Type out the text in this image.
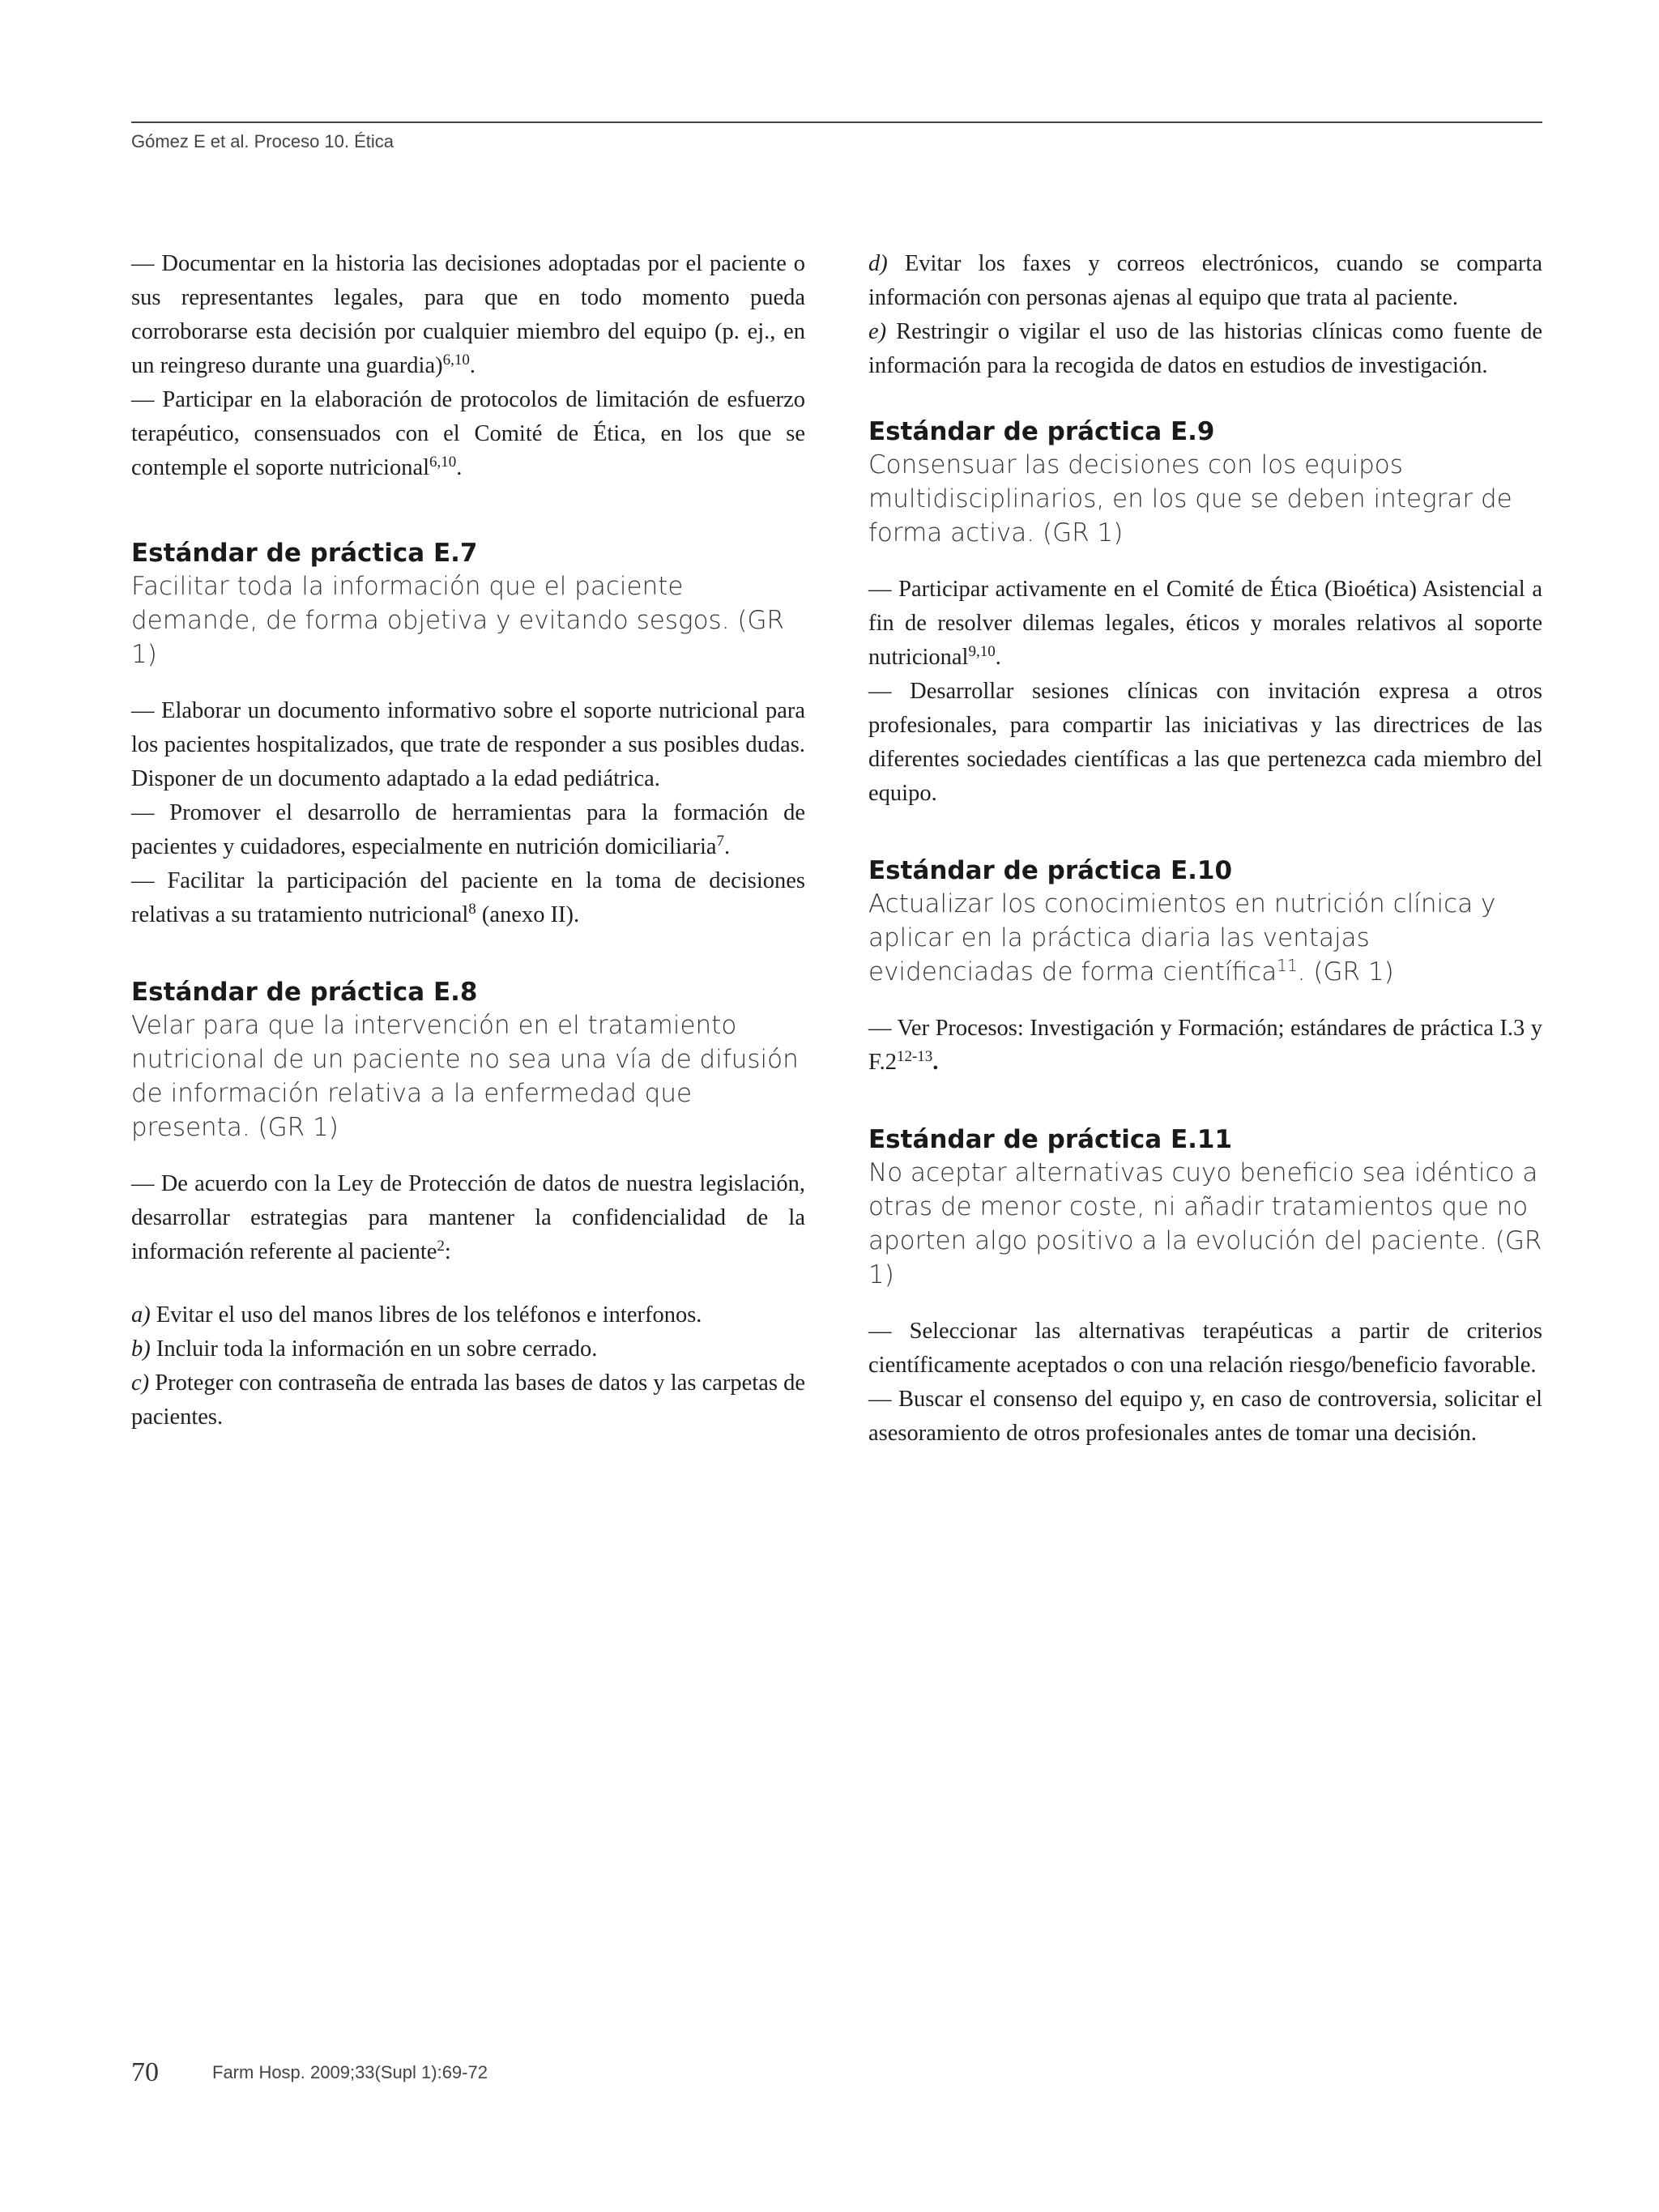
Gómez E et al. Proceso 10. Ética

— Documentar en la historia las decisiones adoptadas por el paciente o sus representantes legales, para que en todo momento pueda corroborarse esta decisión por cualquier miembro del equipo (p. ej., en un reingreso durante una guardia)$^{6,10}$.

— Participar en la elaboración de protocolos de limitación de esfuerzo terapéutico, consensuados con el Comité de Ética, en los que se contemple el soporte nutricional$^{6,10}$.

Estándar de práctica E.7
Facilitar toda la información que el paciente demande, de forma objetiva y evitando sesgos. (GR 1)

— Elaborar un documento informativo sobre el soporte nutricional para los pacientes hospitalizados, que trate de responder a sus posibles dudas. Disponer de un documento adaptado a la edad pediátrica.

— Promover el desarrollo de herramientas para la formación de pacientes y cuidadores, especialmente en nutrición domiciliaria$^7$.

— Facilitar la participación del paciente en la toma de decisiones relativas a su tratamiento nutricional$^8$ (anexo II).

Estándar de práctica E.8
Velar para que la intervención en el tratamiento nutricional de un paciente no sea una vía de difusión de información relativa a la enfermedad que presenta. (GR 1)

— De acuerdo con la Ley de Protección de datos de nuestra legislación, desarrollar estrategias para mantener la confidencialidad de la información referente al paciente$^2$:

a) Evitar el uso del manos libres de los teléfonos e interfonos.

b) Incluir toda la información en un sobre cerrado.

c) Proteger con contraseña de entrada las bases de datos y las carpetas de pacientes.

d) Evitar los faxes y correos electrónicos, cuando se comparta información con personas ajenas al equipo que trata al paciente.

e) Restringir o vigilar el uso de las historias clínicas como fuente de información para la recogida de datos en estudios de investigación.

Estándar de práctica E.9
Consensuar las decisiones con los equipos multidisciplinarios, en los que se deben integrar de forma activa. (GR 1)

— Participar activamente en el Comité de Ética (Bioética) Asistencial a fin de resolver dilemas legales, éticos y morales relativos al soporte nutricional$^{9,10}$.

— Desarrollar sesiones clínicas con invitación expresa a otros profesionales, para compartir las iniciativas y las directrices de las diferentes sociedades científicas a las que pertenezca cada miembro del equipo.

Estándar de práctica E.10
Actualizar los conocimientos en nutrición clínica y aplicar en la práctica diaria las ventajas evidenciadas de forma científica$^{11}$. (GR 1)

— Ver Procesos: Investigación y Formación; estándares de práctica I.3 y F.2$^{12-13}$.

Estándar de práctica E.11
No aceptar alternativas cuyo beneficio sea idéntico a otras de menor coste, ni añadir tratamientos que no aporten algo positivo a la evolución del paciente. (GR 1)

— Seleccionar las alternativas terapéuticas a partir de criterios científicamente aceptados o con una relación riesgo/beneficio favorable.

— Buscar el consenso del equipo y, en caso de controversia, solicitar el asesoramiento de otros profesionales antes de tomar una decisión.

70	Farm Hosp. 2009;33(Supl 1):69-72
